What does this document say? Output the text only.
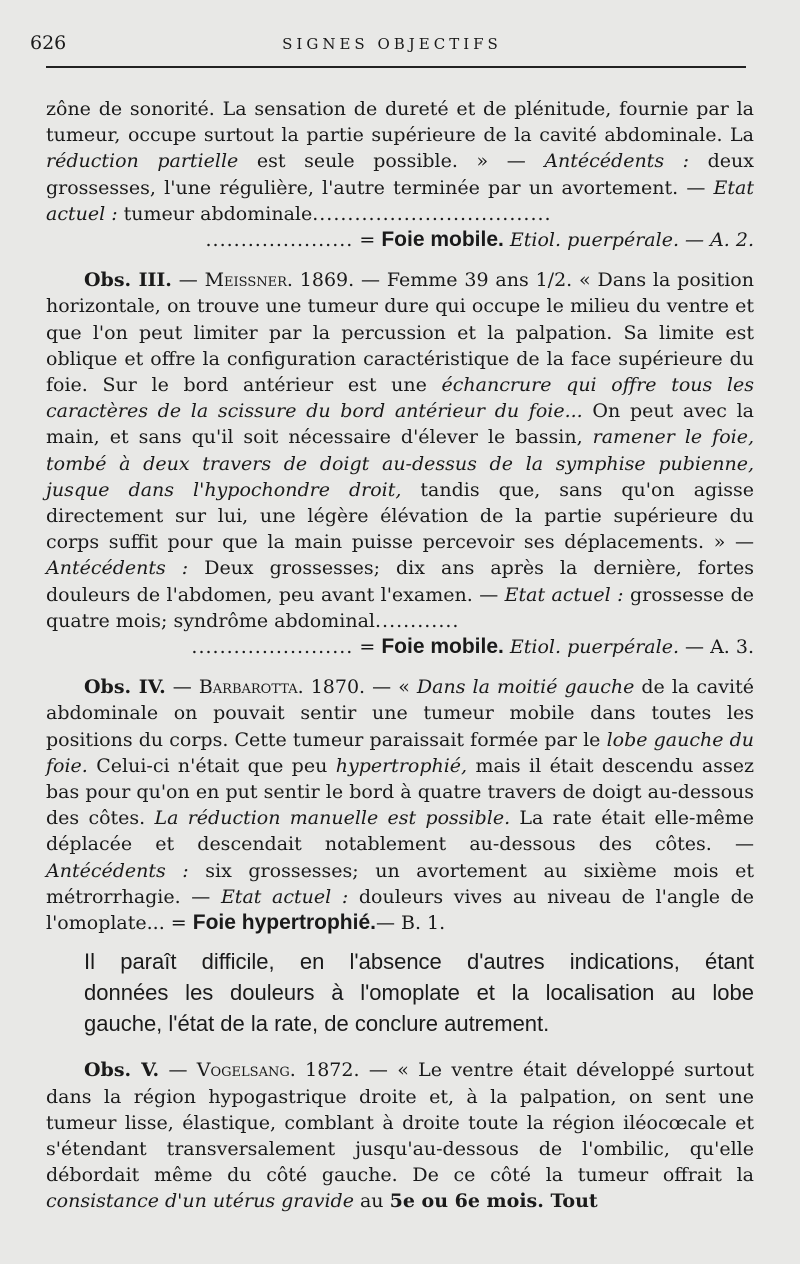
626	SIGNES OBJECTIFS

zône de sonorité. La sensation de dureté et de plénitude, fournie par la tumeur, occupe surtout la partie supérieure de la cavité abdominale. La réduction partielle est seule possible. » — Antécédents : deux grossesses, l'une régulière, l'autre terminée par un avortement. — Etat actuel : tumeur abdominale..................................
..................... = Foie mobile. Etiol. puerpérale. — A. 2.

Obs. III. — Meissner. 1869. — Femme 39 ans 1/2. « Dans la position horizontale, on trouve une tumeur dure qui occupe le milieu du ventre et que l'on peut limiter par la percussion et la palpation. Sa limite est oblique et offre la configuration caractéristique de la face supérieure du foie. Sur le bord antérieur est une échancrure qui offre tous les caractères de la scissure du bord antérieur du foie... On peut avec la main, et sans qu'il soit nécessaire d'élever le bassin, ramener le foie, tombé à deux travers de doigt au-dessus de la symphise pubienne, jusque dans l'hypochondre droit, tandis que, sans qu'on agisse directement sur lui, une légère élévation de la partie supérieure du corps suffit pour que la main puisse percevoir ses déplacements. » — Antécédents : Deux grossesses; dix ans après la dernière, fortes douleurs de l'abdomen, peu avant l'examen. — Etat actuel : grossesse de quatre mois; syndrôme abdominal............
....................... = Foie mobile. Etiol. puerpérale. — A. 3.

Obs. IV. — Barbarotta. 1870. — « Dans la moitié gauche de la cavité abdominale on pouvait sentir une tumeur mobile dans toutes les positions du corps. Cette tumeur paraissait formée par le lobe gauche du foie. Celui-ci n'était que peu hypertrophié, mais il était descendu assez bas pour qu'on en put sentir le bord à quatre travers de doigt au-dessous des côtes. La réduction manuelle est possible. La rate était elle-même déplacée et descendait notablement au-dessous des côtes. — Antécédents : six grossesses; un avortement au sixième mois et métrorrhagie. — Etat actuel : douleurs vives au niveau de l'angle de l'omoplate... = Foie hypertrophié.— B. 1.

Il paraît difficile, en l'absence d'autres indications, étant
données les douleurs à l'omoplate et la localisation au lobe
gauche, l'état de la rate, de conclure autrement.

Obs. V. — Vogelsang. 1872. — « Le ventre était développé surtout dans la région hypogastrique droite et, à la palpation, on sent une tumeur lisse, élastique, comblant à droite toute la région iléocœcale et s'étendant transversalement jusqu'au-dessous de l'ombilic, qu'elle débordait même du côté gauche. De ce côté la tumeur offrait la consistance d'un utérus gravide au 5e ou 6e mois. Tout
